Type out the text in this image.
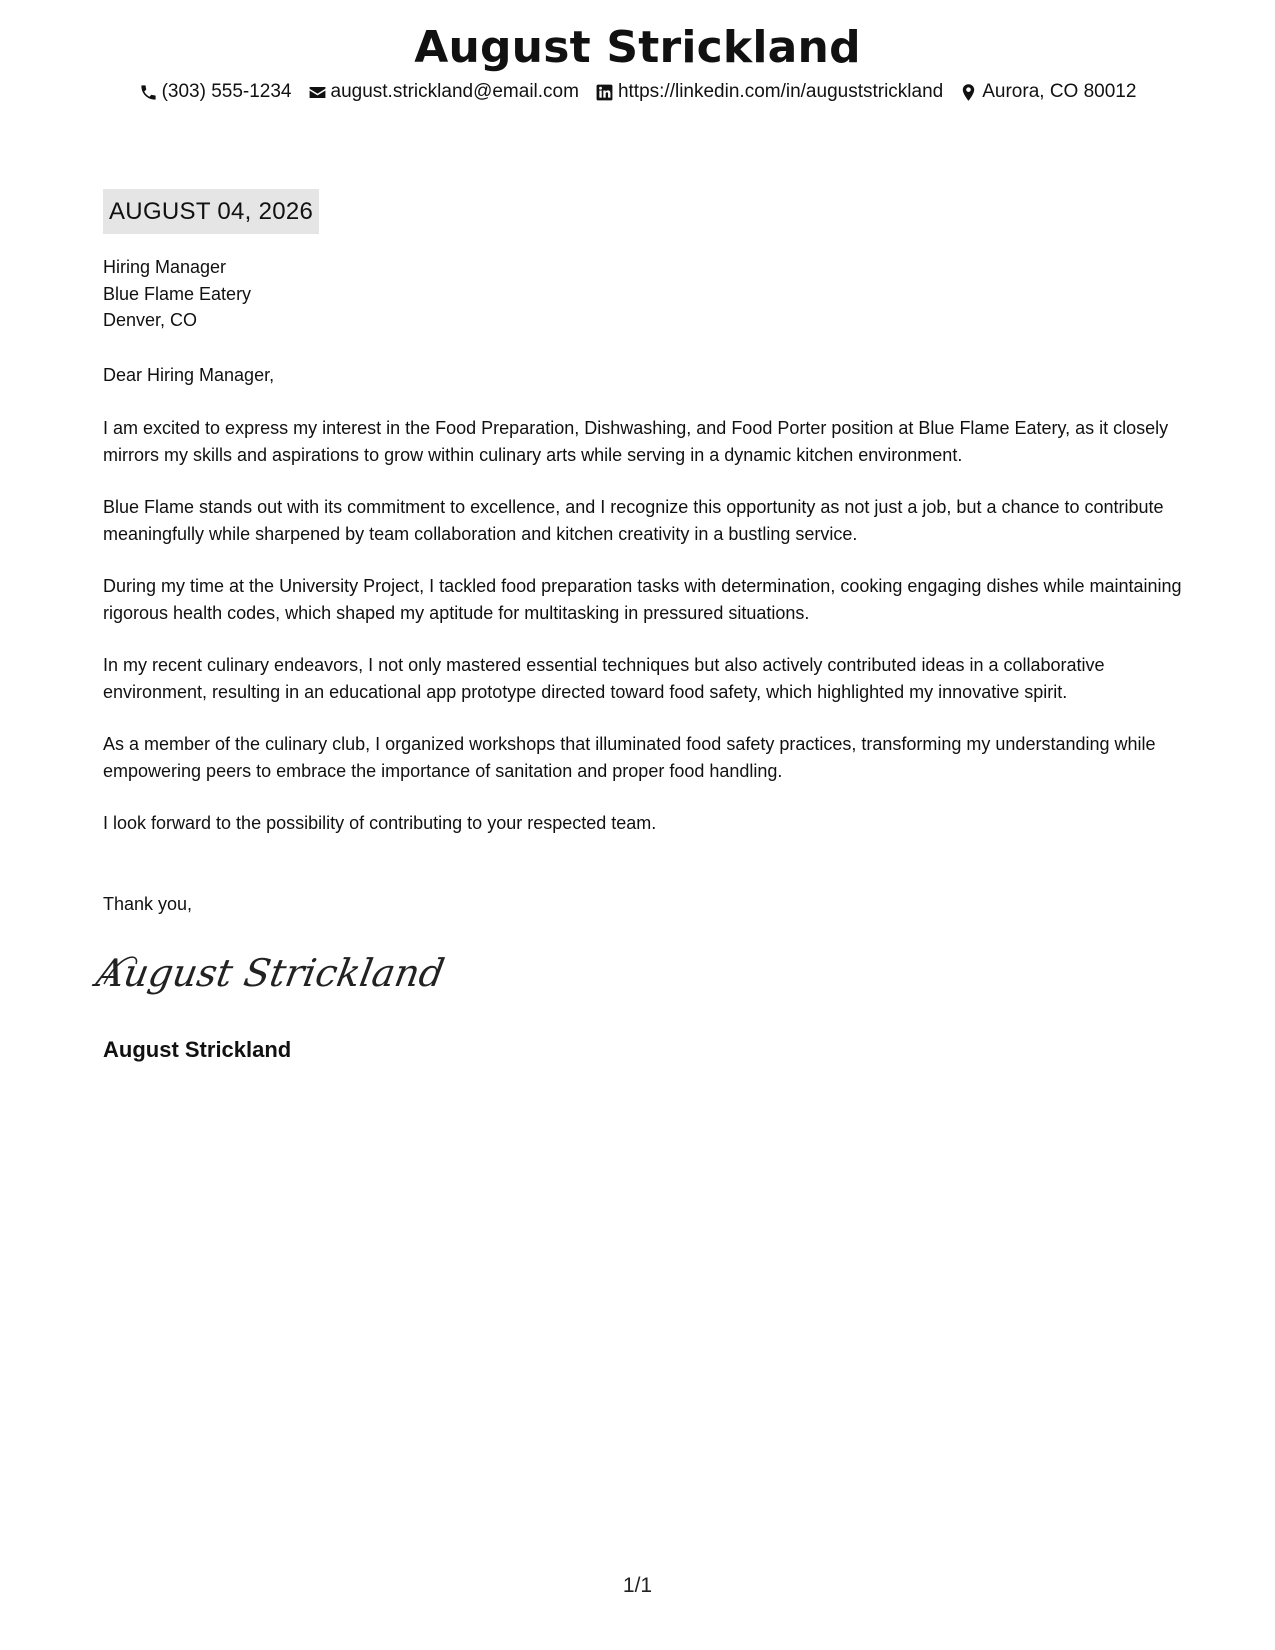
August Strickland
(303) 555-1234 august.strickland@email.com https://linkedin.com/in/auguststrickland Aurora, CO 80012
AUGUST 04, 2026
Hiring Manager
Blue Flame Eatery
Denver, CO
Dear Hiring Manager,

I am excited to express my interest in the Food Preparation, Dishwashing, and Food Porter position at Blue Flame Eatery, as it closely mirrors my skills and aspirations to grow within culinary arts while serving in a dynamic kitchen environment.

Blue Flame stands out with its commitment to excellence, and I recognize this opportunity as not just a job, but a chance to contribute meaningfully while sharpened by team collaboration and kitchen creativity in a bustling service.

During my time at the University Project, I tackled food preparation tasks with determination, cooking engaging dishes while maintaining rigorous health codes, which shaped my aptitude for multitasking in pressured situations.

In my recent culinary endeavors, I not only mastered essential techniques but also actively contributed ideas in a collaborative environment, resulting in an educational app prototype directed toward food safety, which highlighted my innovative spirit.

As a member of the culinary club, I organized workshops that illuminated food safety practices, transforming my understanding while empowering peers to embrace the importance of sanitation and proper food handling.

I look forward to the possibility of contributing to your respected team.

Thank you,
August Strickland
August Strickland
1/1
